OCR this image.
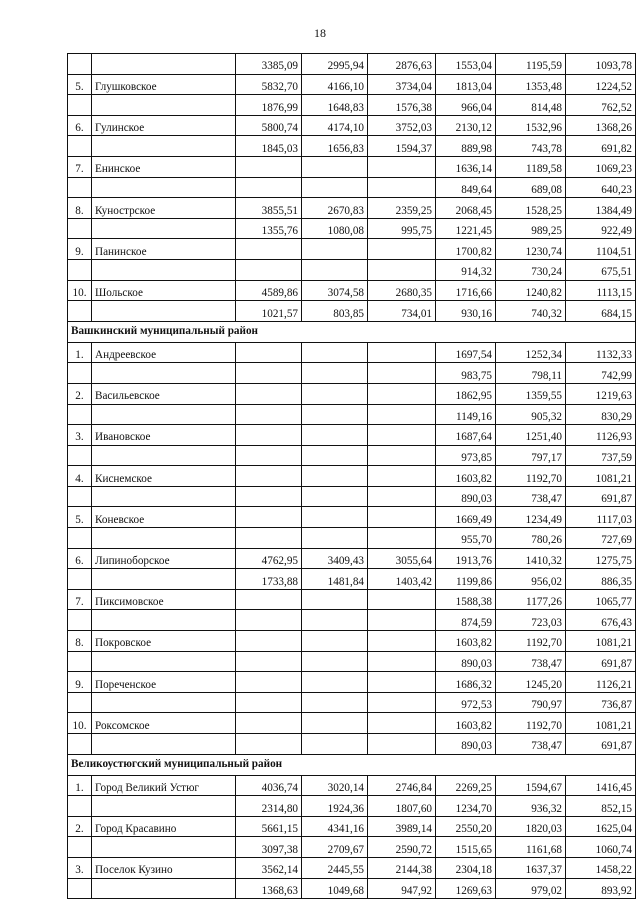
18
		3385,09	2995,94	2876,63	1553,04	1195,59	1093,78
5.	Глушковское	5832,70	4166,10	3734,04	1813,04	1353,48	1224,52
		1876,99	1648,83	1576,38	966,04	814,48	762,52
6.	Гулинское	5800,74	4174,10	3752,03	2130,12	1532,96	1368,26
		1845,03	1656,83	1594,37	889,98	743,78	691,82
7.	Енинское				1636,14	1189,58	1069,23
					849,64	689,08	640,23
8.	Кунострское	3855,51	2670,83	2359,25	2068,45	1528,25	1384,49
		1355,76	1080,08	995,75	1221,45	989,25	922,49
9.	Панинское				1700,82	1230,74	1104,51
					914,32	730,24	675,51
10.	Шольское	4589,86	3074,58	2680,35	1716,66	1240,82	1113,15
		1021,57	803,85	734,01	930,16	740,32	684,15
Вашкинский муниципальный район							
1.	Андреевское				1697,54	1252,34	1132,33
					983,75	798,11	742,99
2.	Васильевское				1862,95	1359,55	1219,63
					1149,16	905,32	830,29
3.	Ивановское				1687,64	1251,40	1126,93
					973,85	797,17	737,59
4.	Киснемское				1603,82	1192,70	1081,21
					890,03	738,47	691,87
5.	Коневское				1669,49	1234,49	1117,03
					955,70	780,26	727,69
6.	Липиноборское	4762,95	3409,43	3055,64	1913,76	1410,32	1275,75
		1733,88	1481,84	1403,42	1199,86	956,02	886,35
7.	Пиксимовское				1588,38	1177,26	1065,77
					874,59	723,03	676,43
8.	Покровское				1603,82	1192,70	1081,21
					890,03	738,47	691,87
9.	Пореченское				1686,32	1245,20	1126,21
					972,53	790,97	736,87
10.	Роксомское				1603,82	1192,70	1081,21
					890,03	738,47	691,87
Великоустюгский муниципальный район							
1.	Город Великий Устюг	4036,74	3020,14	2746,84	2269,25	1594,67	1416,45
		2314,80	1924,36	1807,60	1234,70	936,32	852,15
2.	Город Красавино	5661,15	4341,16	3989,14	2550,20	1820,03	1625,04
		3097,38	2709,67	2590,72	1515,65	1161,68	1060,74
3.	Поселок Кузино	3562,14	2445,55	2144,38	2304,18	1637,37	1458,22
		1368,63	1049,68	947,92	1269,63	979,02	893,92
